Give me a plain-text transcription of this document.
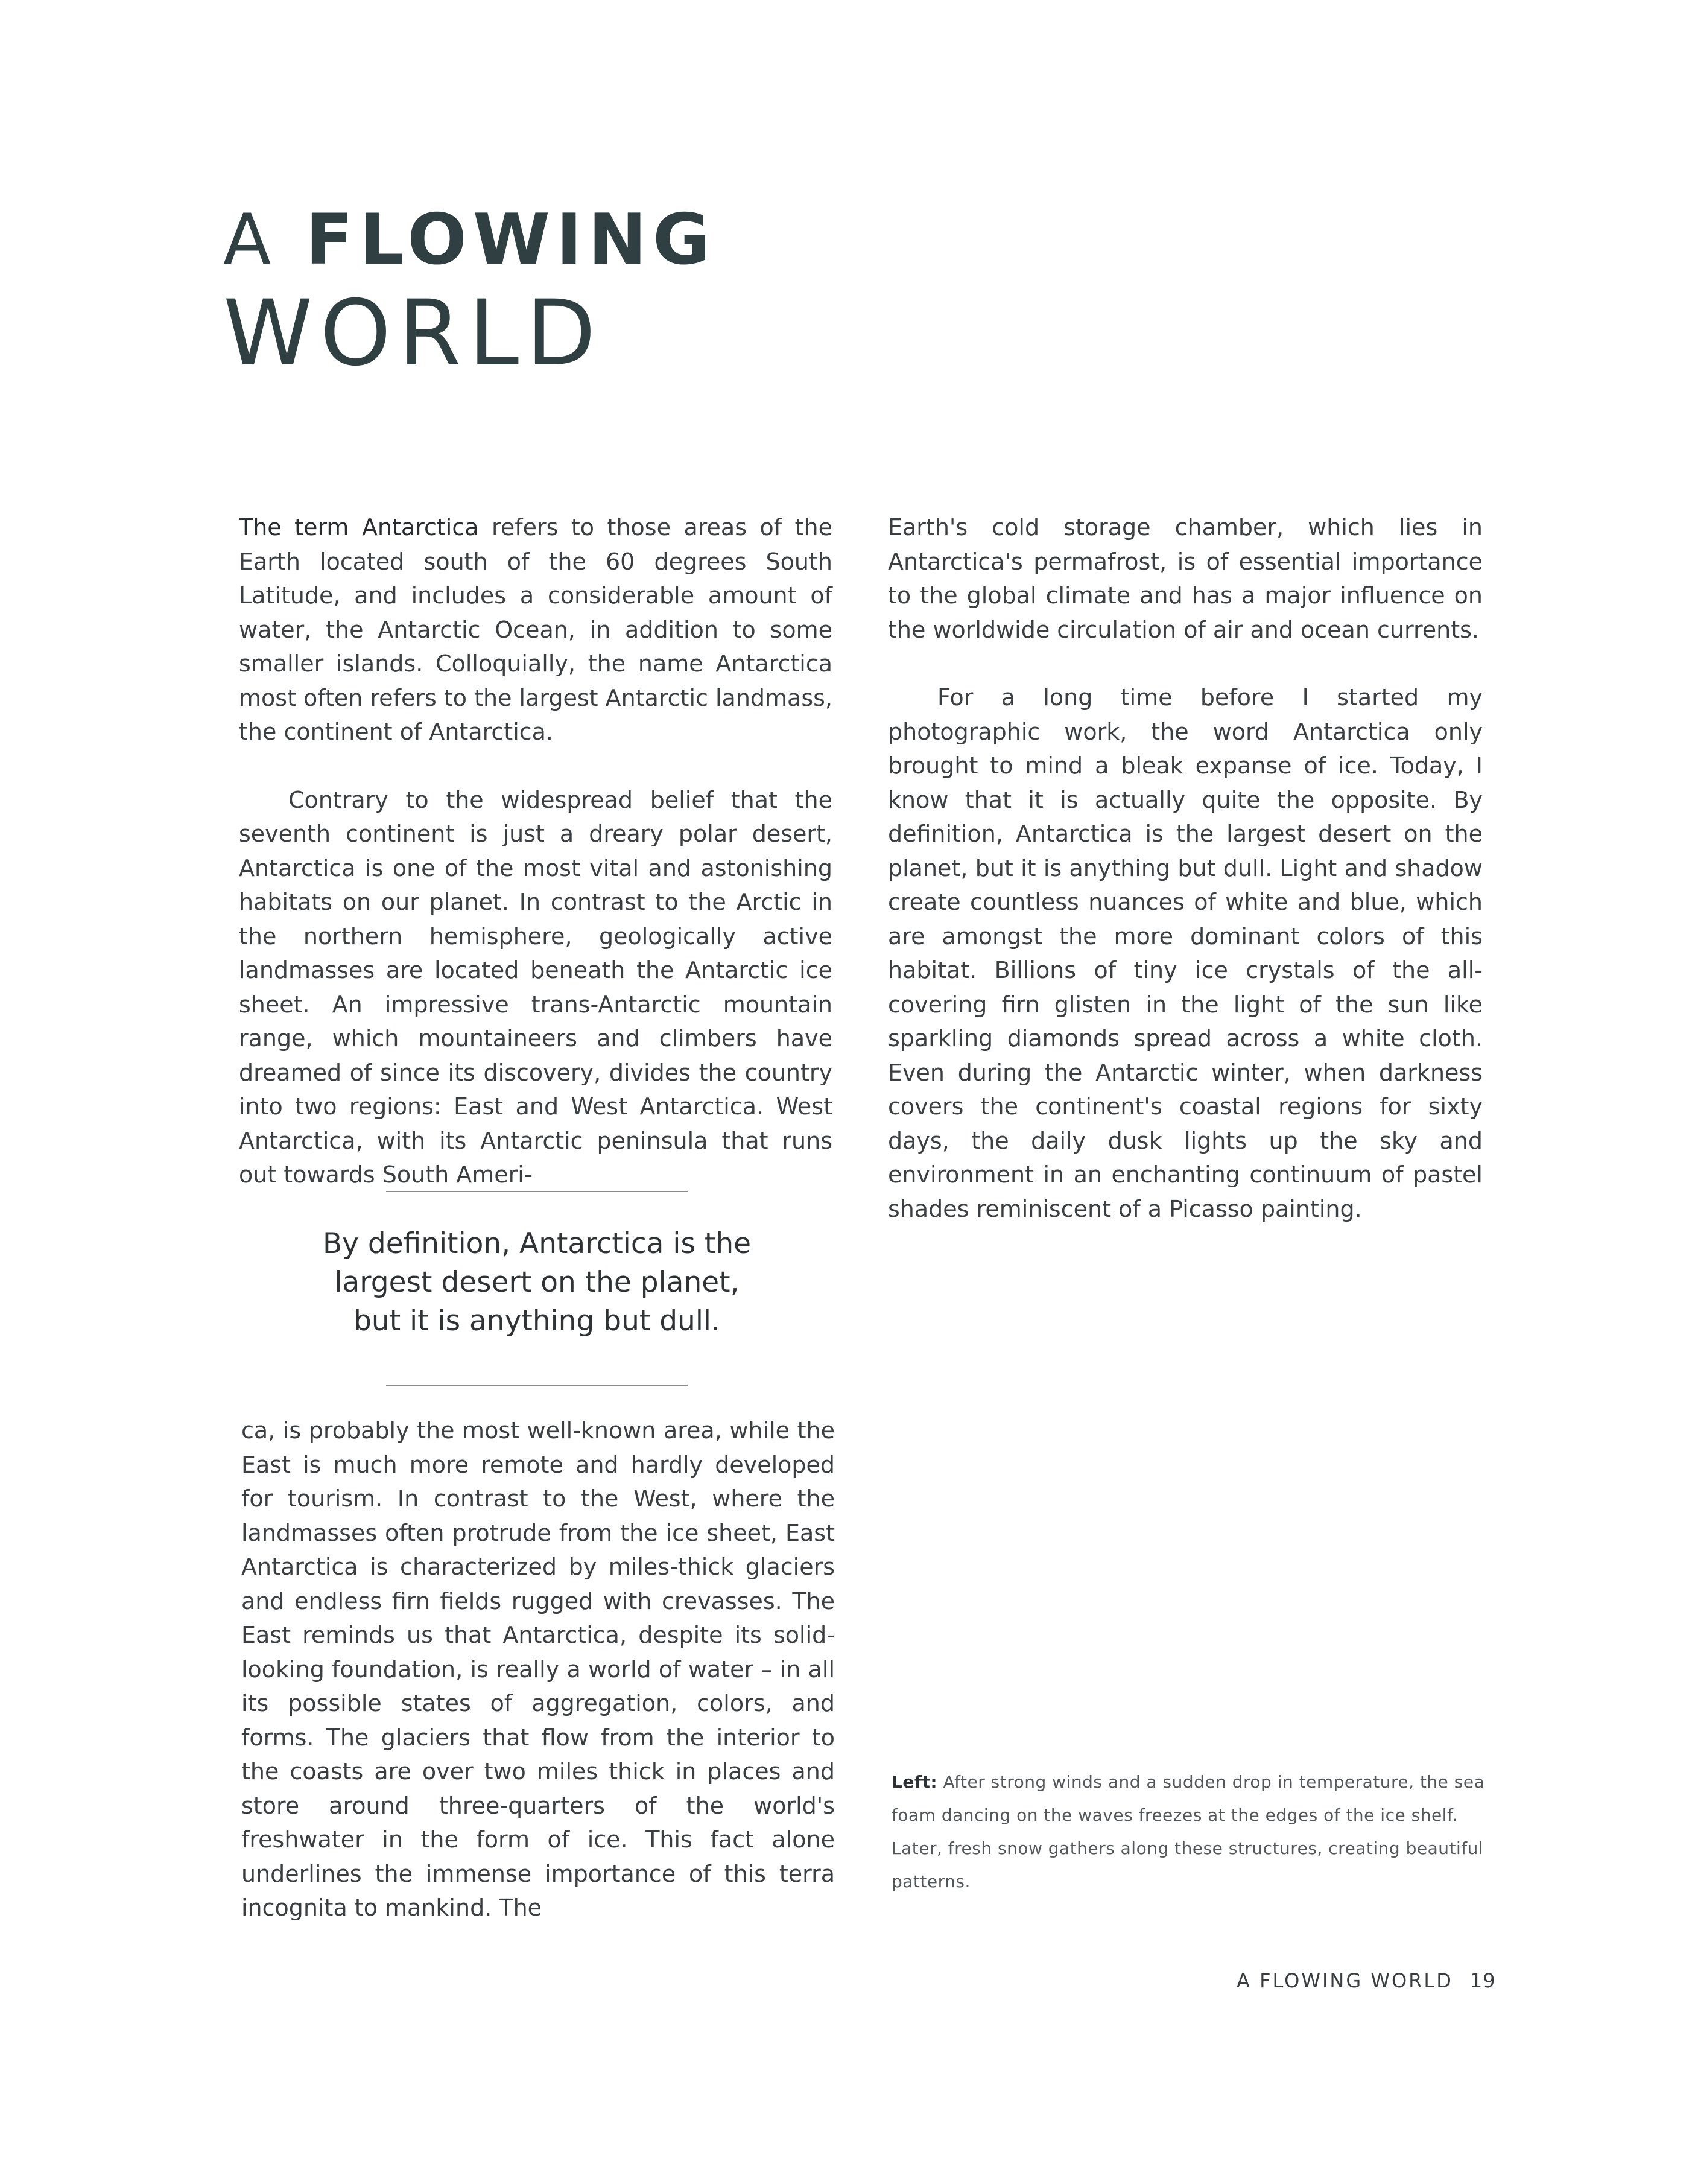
A FLOWING
WORLD

The term Antarctica refers to those areas of the Earth located south of the 60 degrees South Latitude, and includes a considerable amount of water, the Antarctic Ocean, in addition to some smaller islands. Colloquially, the name Antarctica most often refers to the largest Antarctic landmass, the continent of Antarctica.

Contrary to the widespread belief that the seventh continent is just a dreary polar desert, Antarctica is one of the most vital and astonishing habitats on our planet. In contrast to the Arctic in the northern hemisphere, geologically active landmasses are located beneath the Antarctic ice sheet. An impressive trans-Antarctic mountain range, which mountaineers and climbers have dreamed of since its discovery, divides the country into two regions: East and West Antarctica. West Antarctica, with its Antarctic peninsula that runs out towards South Ameri-

By definition, Antarctica is the
largest desert on the planet,
but it is anything but dull.

ca, is probably the most well-known area, while the East is much more remote and hardly developed for tourism. In contrast to the West, where the landmasses often protrude from the ice sheet, East Antarctica is characterized by miles-thick glaciers and endless firn fields rugged with crevasses. The East reminds us that Antarctica, despite its solid-looking foundation, is really a world of water – in all its possible states of aggregation, colors, and forms. The glaciers that flow from the interior to the coasts are over two miles thick in places and store around three-quarters of the world's freshwater in the form of ice. This fact alone underlines the immense importance of this terra incognita to mankind. The

Earth's cold storage chamber, which lies in Antarctica's permafrost, is of essential importance to the global climate and has a major influence on the worldwide circulation of air and ocean currents.

For a long time before I started my photographic work, the word Antarctica only brought to mind a bleak expanse of ice. Today, I know that it is actually quite the opposite. By definition, Antarctica is the largest desert on the planet, but it is anything but dull. Light and shadow create countless nuances of white and blue, which are amongst the more dominant colors of this habitat. Billions of tiny ice crystals of the all-covering firn glisten in the light of the sun like sparkling diamonds spread across a white cloth. Even during the Antarctic winter, when darkness covers the continent's coastal regions for sixty days, the daily dusk lights up the sky and environment in an enchanting continuum of pastel shades reminiscent of a Picasso painting.

Left: After strong winds and a sudden drop in temperature, the sea foam dancing on the waves freezes at the edges of the ice shelf. Later, fresh snow gathers along these structures, creating beautiful patterns.
A FLOWING WORLD 19
